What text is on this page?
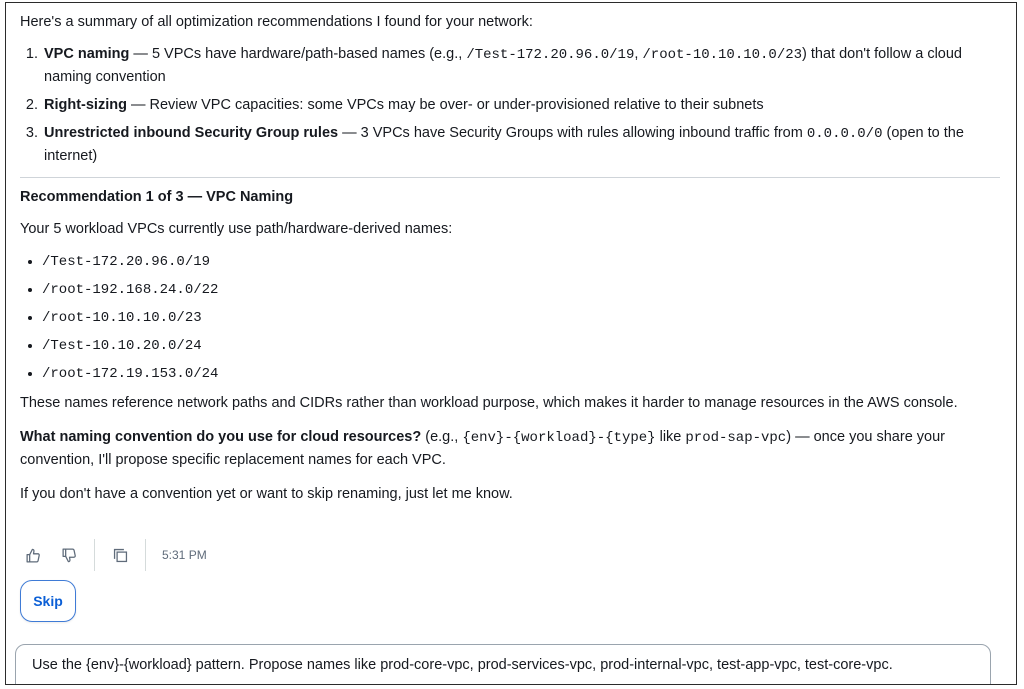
Here's a summary of all optimization recommendations I found for your network:

1. VPC naming — 5 VPCs have hardware/path-based names (e.g., /Test-172.20.96.0/19, /root-10.10.10.0/23) that don't follow a cloud naming convention
2. Right-sizing — Review VPC capacities: some VPCs may be over- or under-provisioned relative to their subnets
3. Unrestricted inbound Security Group rules — 3 VPCs have Security Groups with rules allowing inbound traffic from 0.0.0.0/0 (open to the internet)

Recommendation 1 of 3 — VPC Naming

Your 5 workload VPCs currently use path/hardware-derived names:

• /Test-172.20.96.0/19
• /root-192.168.24.0/22
• /root-10.10.10.0/23
• /Test-10.10.20.0/24
• /root-172.19.153.0/24

These names reference network paths and CIDRs rather than workload purpose, which makes it harder to manage resources in the AWS console.

What naming convention do you use for cloud resources? (e.g., {env}-{workload}-{type} like prod-sap-vpc) — once you share your convention, I'll propose specific replacement names for each VPC.

If you don't have a convention yet or want to skip renaming, just let me know.

5:31 PM
Skip
Use the {env}-{workload} pattern. Propose names like prod-core-vpc, prod-services-vpc, prod-internal-vpc, test-app-vpc, test-core-vpc.
